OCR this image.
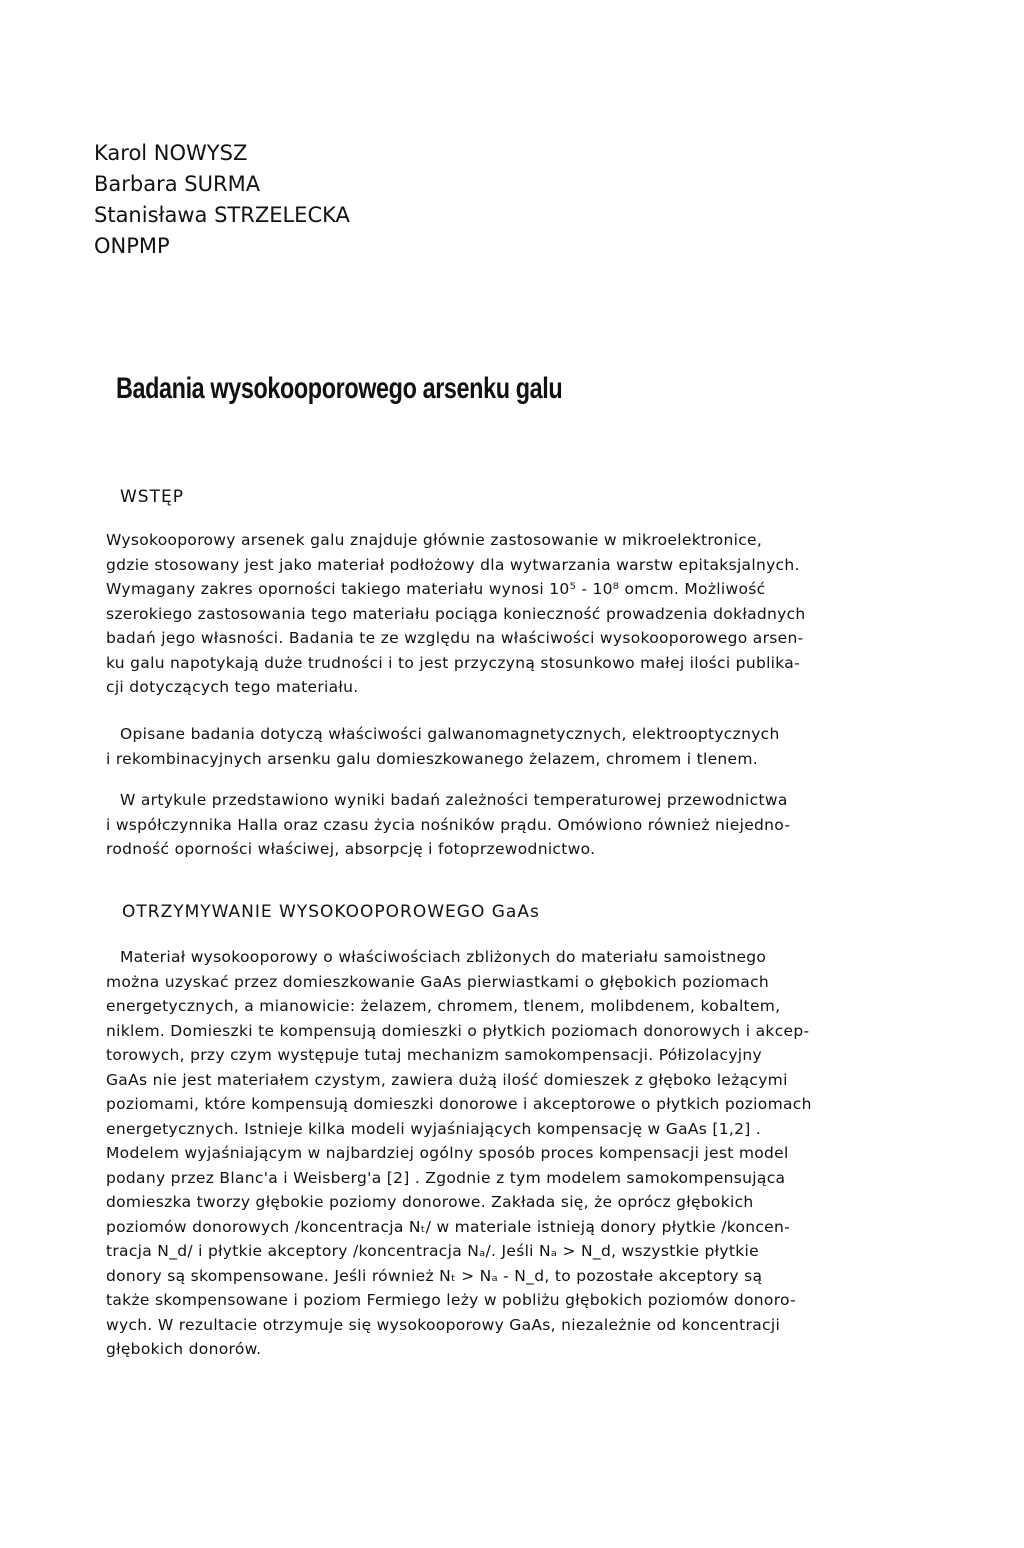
Karol NOWYSZ
Barbara SURMA
Stanisława STRZELECKA
ONPMP
Badania wysokooporowego arsenku galu
WSTĘP
Wysokooporowy arsenek galu znajduje głównie zastosowanie w mikroelektronice,
gdzie stosowany jest jako materiał podłożowy dla wytwarzania warstw epitaksjalnych.
Wymagany zakres oporności takiego materiału wynosi 10⁵ - 10⁸ omcm. Możliwość
szerokiego zastosowania tego materiału pociąga konieczność prowadzenia dokładnych
badań jego własności. Badania te ze względu na właściwości wysokooporowego arsen-
ku galu napotykają duże trudności i to jest przyczyną stosunkowo małej ilości publika-
cji dotyczących tego materiału.
Opisane badania dotyczą właściwości galwanomagnetycznych, elektrooptycznych
i rekombinacyjnych arsenku galu domieszkowanego żelazem, chromem i tlenem.
W artykule przedstawiono wyniki badań zależności temperaturowej przewodnictwa
i współczynnika Halla oraz czasu życia nośników prądu. Omówiono również niejedno-
rodność oporności właściwej, absorpcję i fotoprzewodnictwo.
OTRZYMYWANIE WYSOKOOPOROWEGO GaAs
Materiał wysokooporowy o właściwościach zbliżonych do materiału samoistnego
można uzyskać przez domieszkowanie GaAs pierwiastkami o głębokich poziomach
energetycznych, a mianowicie: żelazem, chromem, tlenem, molibdenem, kobaltem,
niklem. Domieszki te kompensują domieszki o płytkich poziomach donorowych i akcep-
torowych, przy czym występuje tutaj mechanizm samokompensacji. Półizolacyjny
GaAs nie jest materiałem czystym, zawiera dużą ilość domieszek z głęboko leżącymi
poziomami, które kompensują domieszki donorowe i akceptorowe o płytkich poziomach
energetycznych. Istnieje kilka modeli wyjaśniających kompensację w GaAs [1,2] .
Modelem wyjaśniającym w najbardziej ogólny sposób proces kompensacji jest model
podany przez Blanc'a i Weisberg'a [2] . Zgodnie z tym modelem samokompensująca
domieszka tworzy głębokie poziomy donorowe. Zakłada się, że oprócz głębokich
poziomów donorowych /koncentracja Nₜ/ w materiale istnieją donory płytkie /koncen-
tracja N_d/ i płytkie akceptory /koncentracja Nₐ/. Jeśli Nₐ > N_d, wszystkie płytkie
donory są skompensowane. Jeśli również Nₜ > Nₐ - N_d, to pozostałe akceptory są
także skompensowane i poziom Fermiego leży w pobliżu głębokich poziomów donoro-
wych. W rezultacie otrzymuje się wysokooporowy GaAs, niezależnie od koncentracji
głębokich donorów.
